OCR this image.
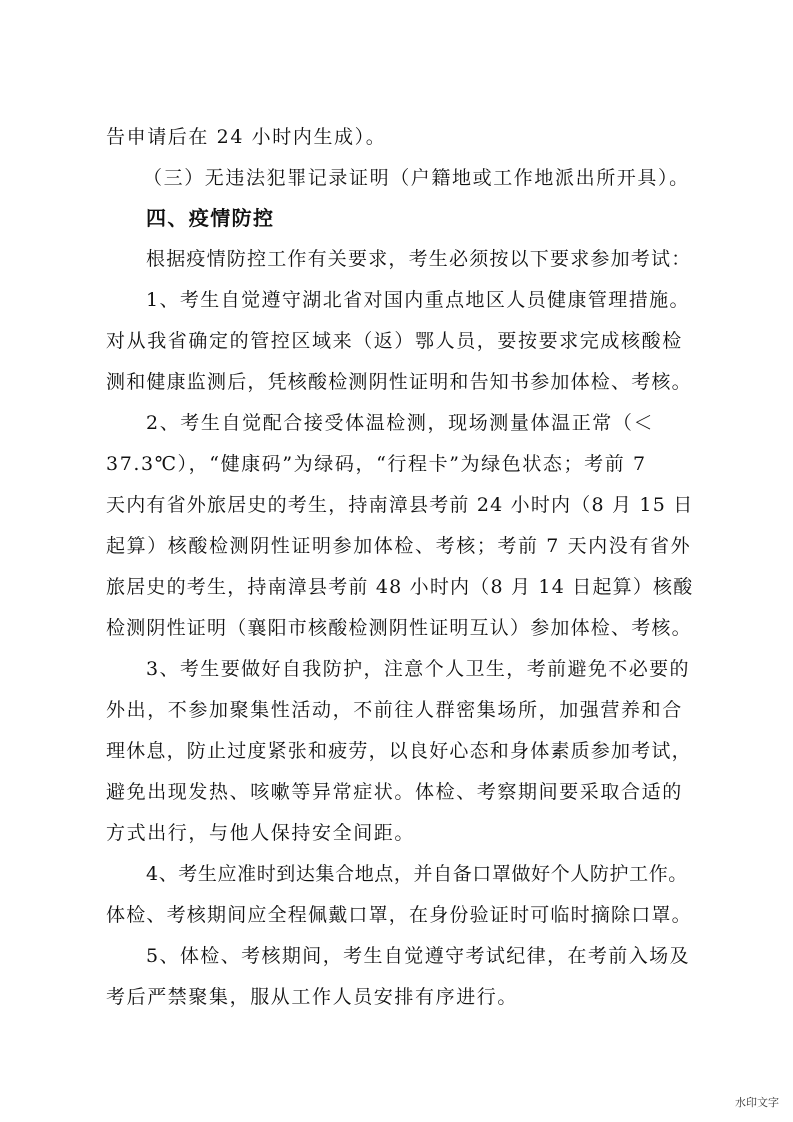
告申请后在 24 小时内生成）。
（三）无违法犯罪记录证明（户籍地或工作地派出所开具）。
四、疫情防控
根据疫情防控工作有关要求，考生必须按以下要求参加考试：
1、考生自觉遵守湖北省对国内重点地区人员健康管理措施。
对从我省确定的管控区域来（返）鄂人员，要按要求完成核酸检
测和健康监测后，凭核酸检测阴性证明和告知书参加体检、考核。
2、考生自觉配合接受体温检测，现场测量体温正常（＜
37.3℃），“健康码”为绿码，“行程卡”为绿色状态；考前 7
天内有省外旅居史的考生，持南漳县考前 24 小时内（8 月 15 日
起算）核酸检测阴性证明参加体检、考核；考前 7 天内没有省外
旅居史的考生，持南漳县考前 48 小时内（8 月 14 日起算）核酸
检测阴性证明（襄阳市核酸检测阴性证明互认）参加体检、考核。
3、考生要做好自我防护，注意个人卫生，考前避免不必要的
外出，不参加聚集性活动，不前往人群密集场所，加强营养和合
理休息，防止过度紧张和疲劳，以良好心态和身体素质参加考试，
避免出现发热、咳嗽等异常症状。体检、考察期间要采取合适的
方式出行，与他人保持安全间距。
4、考生应准时到达集合地点，并自备口罩做好个人防护工作。
体检、考核期间应全程佩戴口罩，在身份验证时可临时摘除口罩。
5、体检、考核期间，考生自觉遵守考试纪律，在考前入场及
考后严禁聚集，服从工作人员安排有序进行。
水印文字
